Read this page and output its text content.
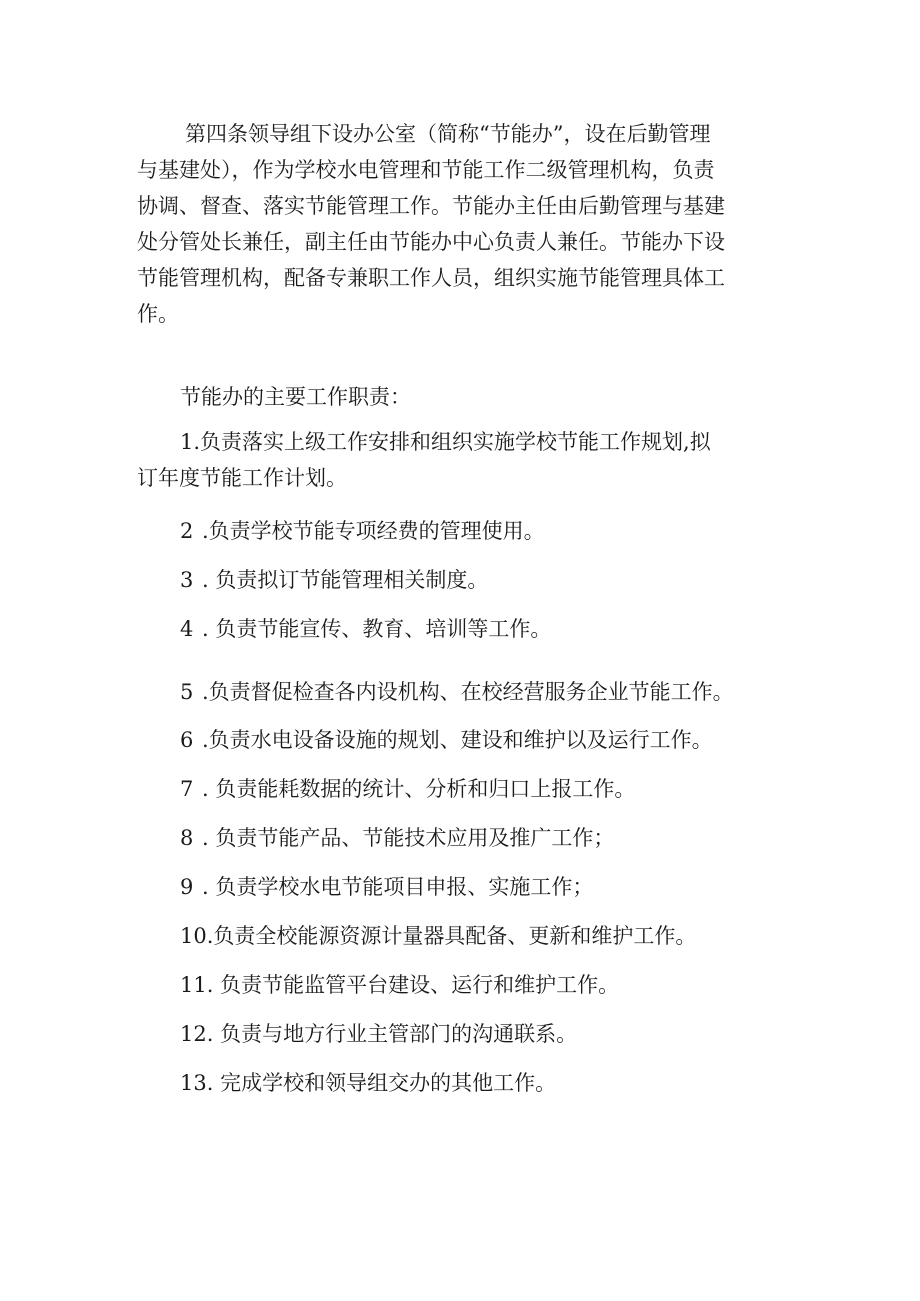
第四条领导组下设办公室（简称“节能办”，设在后勤管理
与基建处），作为学校水电管理和节能工作二级管理机构，负责
协调、督查、落实节能管理工作。节能办主任由后勤管理与基建
处分管处长兼任，副主任由节能办中心负责人兼任。节能办下设
节能管理机构，配备专兼职工作人员，组织实施节能管理具体工
作。

节能办的主要工作职责：

1.负责落实上级工作安排和组织实施学校节能工作规划,拟
订年度节能工作计划。

2 .负责学校节能专项经费的管理使用。

3 . 负责拟订节能管理相关制度。

4 . 负责节能宣传、教育、培训等工作。

5 .负责督促检查各内设机构、在校经营服务企业节能工作。

6 .负责水电设备设施的规划、建设和维护以及运行工作。

7 . 负责能耗数据的统计、分析和归口上报工作。

8 . 负责节能产品、节能技术应用及推广工作；

9 . 负责学校水电节能项目申报、实施工作；

10.负责全校能源资源计量器具配备、更新和维护工作。

11. 负责节能监管平台建设、运行和维护工作。

12. 负责与地方行业主管部门的沟通联系。

13. 完成学校和领导组交办的其他工作。
